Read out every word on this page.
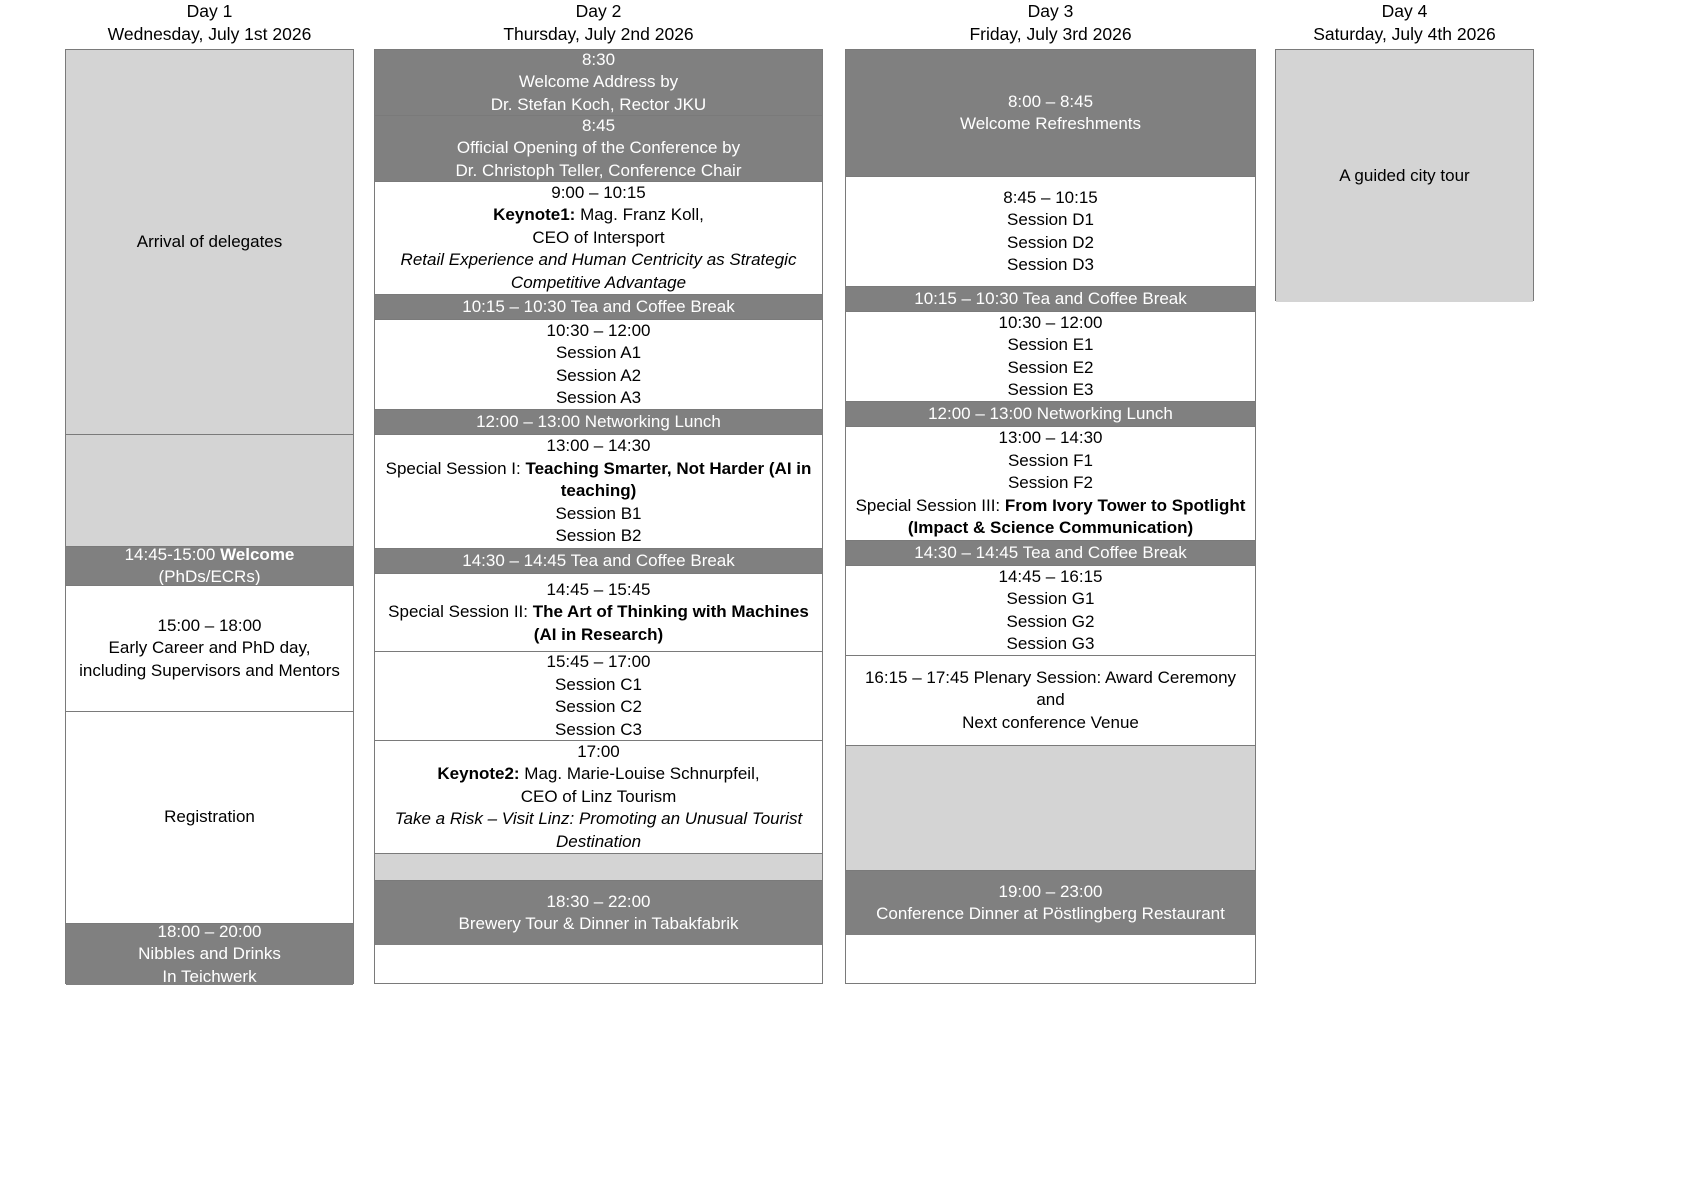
Day 1
Wednesday, July 1st 2026
Arrival of delegates
14:45-15:00 Welcome
(PhDs/ECRs)
15:00 – 18:00
Early Career and PhD day,
including Supervisors and Mentors
Registration
18:00 – 20:00
Nibbles and Drinks
In Teichwerk
Day 2
Thursday, July 2nd 2026
8:30
Welcome Address by
Dr. Stefan Koch, Rector JKU
8:45
Official Opening of the Conference by
Dr. Christoph Teller, Conference Chair
9:00 – 10:15
Keynote1: Mag. Franz Koll,
CEO of Intersport
Retail Experience and Human Centricity as Strategic Competitive Advantage
10:15 – 10:30 Tea and Coffee Break
10:30 – 12:00
Session A1
Session A2
Session A3
12:00 – 13:00 Networking Lunch
13:00 – 14:30
Special Session I: Teaching Smarter, Not Harder (AI in teaching)
Session B1
Session B2
14:30 – 14:45 Tea and Coffee Break
14:45 – 15:45
Special Session II: The Art of Thinking with Machines (AI in Research)
15:45 – 17:00
Session C1
Session C2
Session C3
17:00
Keynote2: Mag. Marie-Louise Schnurpfeil,
CEO of Linz Tourism
Take a Risk – Visit Linz: Promoting an Unusual Tourist Destination
18:30 – 22:00
Brewery Tour & Dinner in Tabakfabrik
Day 3
Friday, July 3rd 2026
8:00 – 8:45
Welcome Refreshments
8:45 – 10:15
Session D1
Session D2
Session D3
10:15 – 10:30 Tea and Coffee Break
10:30 – 12:00
Session E1
Session E2
Session E3
12:00 – 13:00 Networking Lunch
13:00 – 14:30
Session F1
Session F2
Special Session III: From Ivory Tower to Spotlight (Impact & Science Communication)
14:30 – 14:45 Tea and Coffee Break
14:45 – 16:15
Session G1
Session G2
Session G3
16:15 – 17:45 Plenary Session: Award Ceremony
and
Next conference Venue
19:00 – 23:00
Conference Dinner at Pöstlingberg Restaurant
Day 4
Saturday, July 4th 2026
A guided city tour
